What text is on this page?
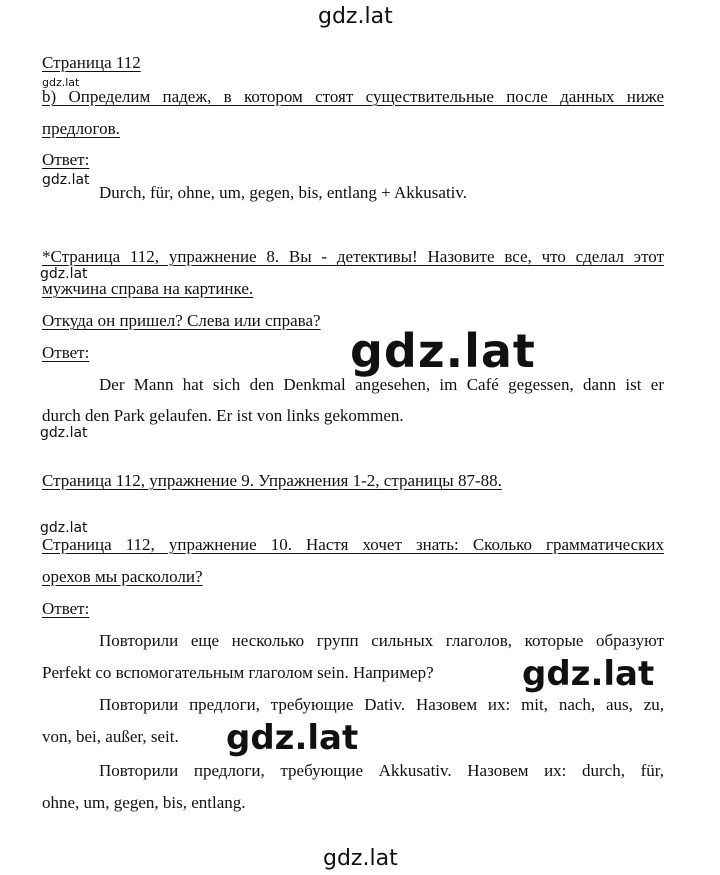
gdz.lat
Страница 112
gdz.lat
b) Определим падеж, в котором стоят существительные после данных ниже
предлогов.
Ответ:
gdz.lat
Durch, für, ohne, um, gegen, bis, entlang + Akkusativ.
*Страница 112, упражнение 8. Вы - детективы! Назовите все, что сделал этот
gdz.lat
мужчина справа на картинке.
Откуда он пришел? Слева или справа?
Ответ:	gdz.lat
Der Mann hat sich den Denkmal angesehen, im Café gegessen, dann ist er
durch den Park gelaufen. Er ist von links gekommen.
gdz.lat
Страница 112, упражнение 9. Упражнения 1-2, страницы 87-88.
gdz.lat
Страница 112, упражнение 10. Настя хочет знать: Сколько грамматических
орехов мы раскололи?
Ответ:
Повторили еще несколько групп сильных глаголов, которые образуют
Perfekt со вспомогательным глаголом sein. Например?	gdz.lat
Повторили предлоги, требующие Dativ. Назовем их: mit, nach, aus, zu,
von, bei, außer, seit. gdz.lat
Повторили предлоги, требующие Akkusativ. Назовем их: durch, für,
ohne, um, gegen, bis, entlang.
gdz.lat
